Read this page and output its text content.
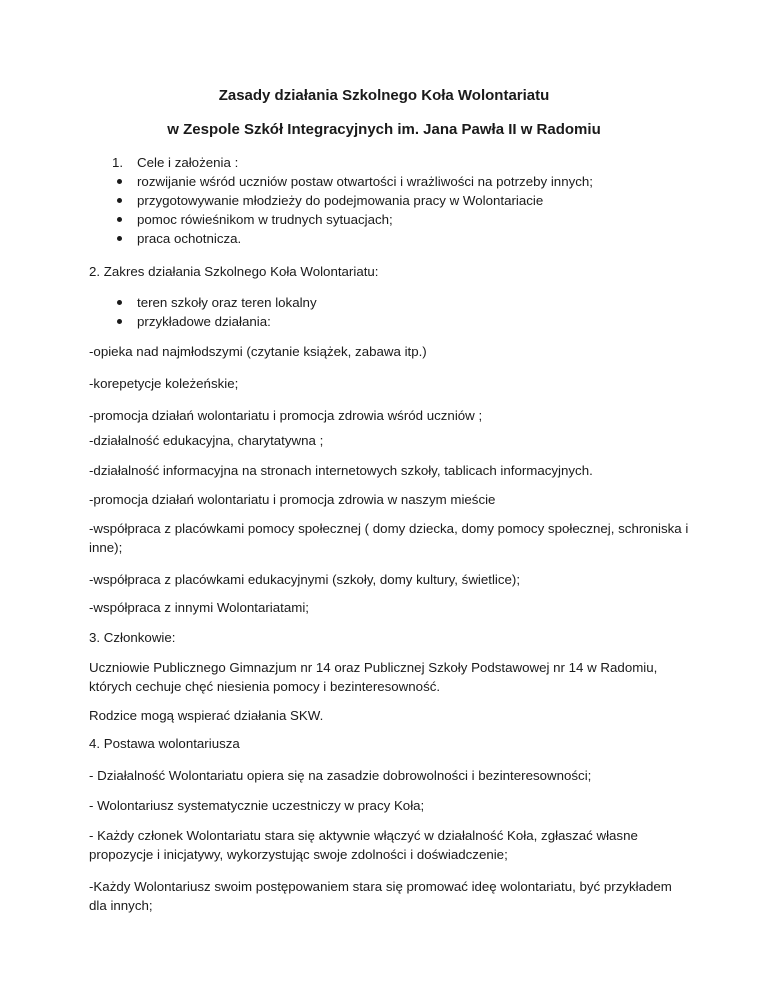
Zasady działania Szkolnego Koła Wolontariatu
w Zespole Szkół Integracyjnych im. Jana Pawła II w Radomiu
1.	Cele i założenia :
rozwijanie wśród uczniów postaw otwartości i wrażliwości na potrzeby innych;
przygotowywanie młodzieży do podejmowania pracy w Wolontariacie
pomoc rówieśnikom w trudnych sytuacjach;
praca ochotnicza.

2. Zakres działania Szkolnego Koła Wolontariatu:

teren szkoły oraz teren lokalny
przykładowe działania:

-opieka nad najmłodszymi (czytanie książek, zabawa itp.)

-korepetycje koleżeńskie;

-promocja działań wolontariatu i promocja zdrowia wśród uczniów ;

-działalność edukacyjna, charytatywna ;

-działalność informacyjna na stronach internetowych szkoły, tablicach informacyjnych.

-promocja działań wolontariatu i promocja zdrowia w naszym mieście

-współpraca z placówkami pomocy społecznej ( domy dziecka, domy pomocy społecznej, schroniska i inne);

-współpraca z placówkami edukacyjnymi (szkoły, domy kultury, świetlice);

-współpraca z innymi Wolontariatami;

3. Członkowie:

Uczniowie Publicznego Gimnazjum nr 14 oraz Publicznej Szkoły Podstawowej nr 14 w Radomiu, których cechuje chęć niesienia pomocy i bezinteresowność.

Rodzice mogą wspierać działania SKW.

4. Postawa wolontariusza

- Działalność Wolontariatu opiera się na zasadzie dobrowolności i bezinteresowności;

- Wolontariusz systematycznie uczestniczy w pracy Koła;

- Każdy członek Wolontariatu stara się aktywnie włączyć w działalność Koła, zgłaszać własne propozycje i inicjatywy, wykorzystując swoje zdolności i doświadczenie;

-Każdy Wolontariusz swoim postępowaniem stara się promować ideę wolontariatu, być przykładem dla innych;
